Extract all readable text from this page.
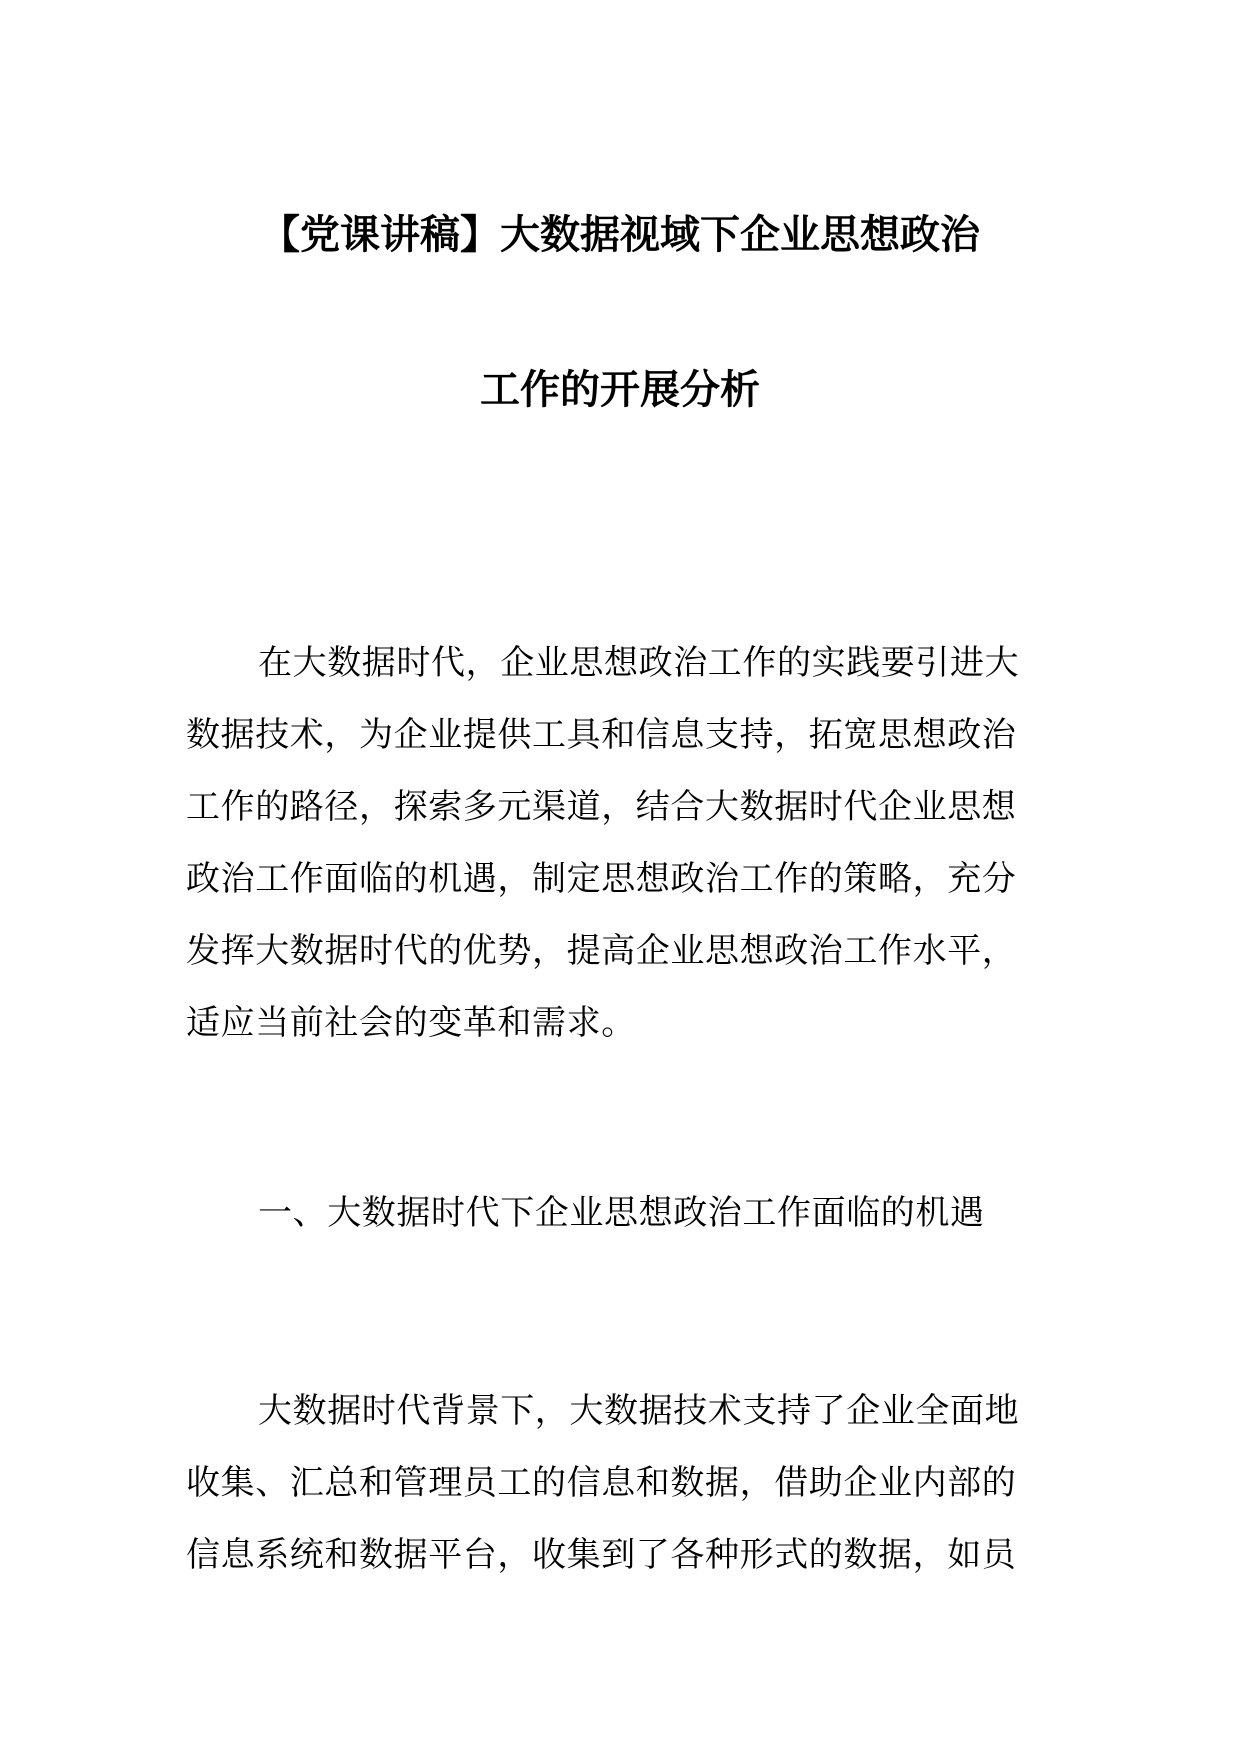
【党课讲稿】大数据视域下企业思想政治
工作的开展分析
在大数据时代，企业思想政治工作的实践要引进大
数据技术，为企业提供工具和信息支持，拓宽思想政治
工作的路径，探索多元渠道，结合大数据时代企业思想
政治工作面临的机遇，制定思想政治工作的策略，充分
发挥大数据时代的优势，提高企业思想政治工作水平，
适应当前社会的变革和需求。
一、大数据时代下企业思想政治工作面临的机遇
大数据时代背景下，大数据技术支持了企业全面地
收集、汇总和管理员工的信息和数据，借助企业内部的
信息系统和数据平台，收集到了各种形式的数据，如员
